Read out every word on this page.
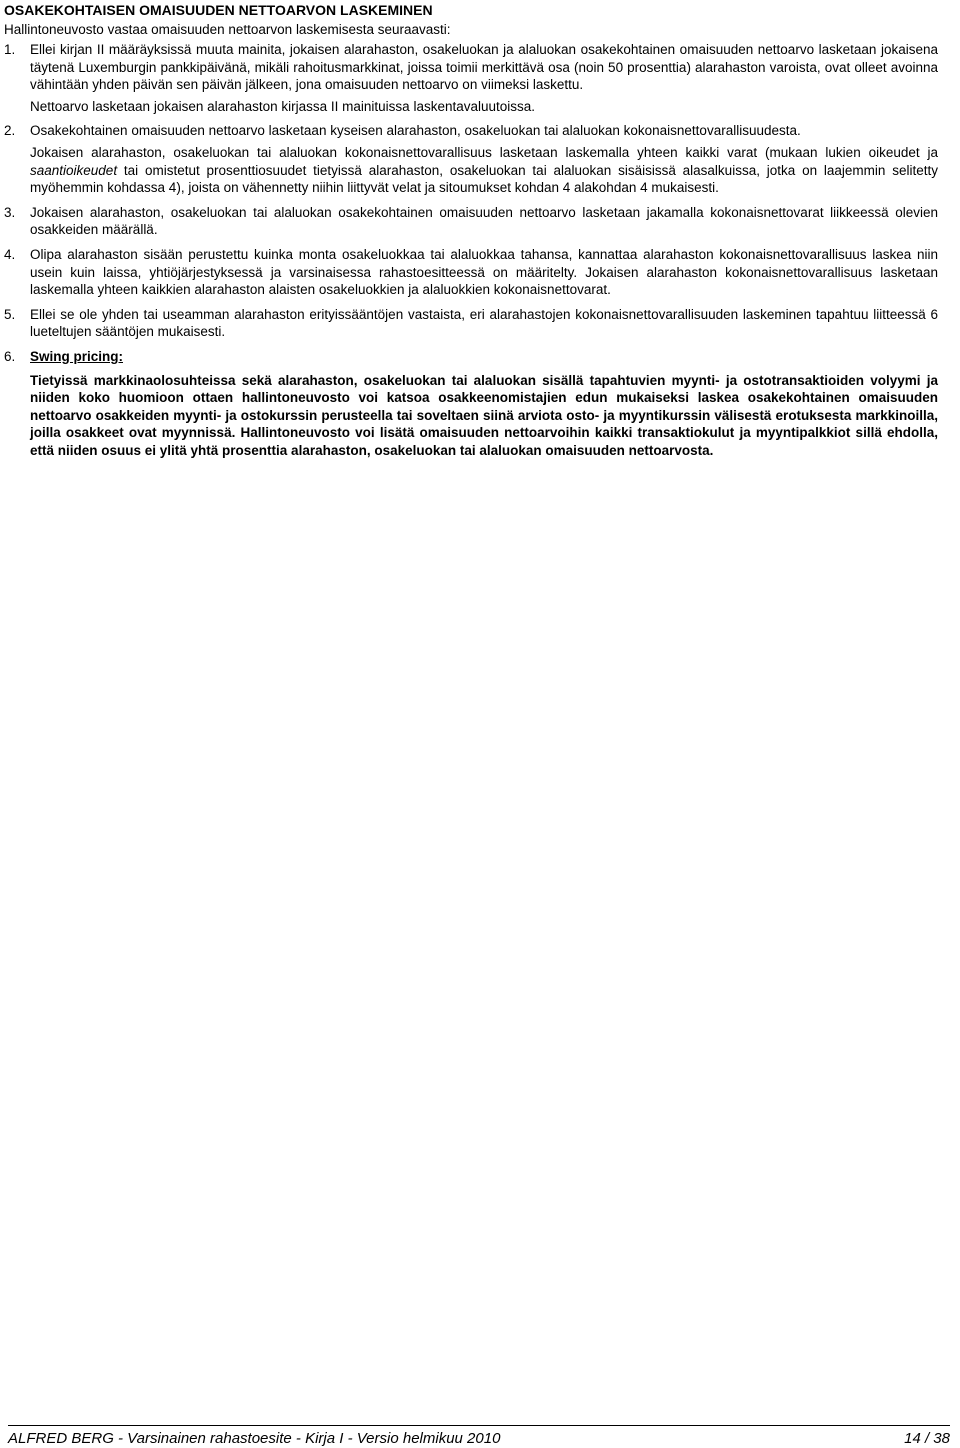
OSAKEKOHTAISEN OMAISUUDEN NETTOARVON LASKEMINEN
Hallintoneuvosto vastaa omaisuuden nettoarvon laskemisesta seuraavasti:
1.	Ellei kirjan II määräyksissä muuta mainita, jokaisen alarahaston, osakeluokan ja alaluokan osakekohtainen omaisuuden nettoarvo lasketaan jokaisena täytenä Luxemburgin pankkipäivänä, mikäli rahoitusmarkkinat, joissa toimii merkittävä osa (noin 50 prosenttia) alarahaston varoista, ovat olleet avoinna vähintään yhden päivän sen päivän jälkeen, jona omaisuuden nettoarvo on viimeksi laskettu.

Nettoarvo lasketaan jokaisen alarahaston kirjassa II mainituissa laskentavaluutoissa.

2.	Osakekohtainen omaisuuden nettoarvo lasketaan kyseisen alarahaston, osakeluokan tai alaluokan kokonaisnettovarallisuudesta.

Jokaisen alarahaston, osakeluokan tai alaluokan kokonaisnettovarallisuus lasketaan laskemalla yhteen kaikki varat (mukaan lukien oikeudet ja saantioikeudet tai omistetut prosenttiosuudet tietyissä alarahaston, osakeluokan tai alaluokan sisäisissä alasalkuissa, jotka on laajemmin selitetty myöhemmin kohdassa 4), joista on vähennetty niihin liittyvät velat ja sitoumukset kohdan 4 alakohdan 4 mukaisesti.

3.	Jokaisen alarahaston, osakeluokan tai alaluokan osakekohtainen omaisuuden nettoarvo lasketaan jakamalla kokonaisnettovarat liikkeessä olevien osakkeiden määrällä.

4.	Olipa alarahaston sisään perustettu kuinka monta osakeluokkaa tai alaluokkaa tahansa, kannattaa alarahaston kokonaisnettovarallisuus laskea niin usein kuin laissa, yhtiöjärjestyksessä ja varsinaisessa rahastoesitteessä on määritelty. Jokaisen alarahaston kokonaisnettovarallisuus lasketaan laskemalla yhteen kaikkien alarahaston alaisten osakeluokkien ja alaluokkien kokonaisnettovarat.

5.	Ellei se ole yhden tai useamman alarahaston erityissääntöjen vastaista, eri alarahastojen kokonaisnettovarallisuuden laskeminen tapahtuu liitteessä 6 lueteltujen sääntöjen mukaisesti.

6.	Swing pricing:

Tietyissä markkinaolosuhteissa sekä alarahaston, osakeluokan tai alaluokan sisällä tapahtuvien myynti- ja ostotransaktioiden volyymi ja niiden koko huomioon ottaen hallintoneuvosto voi katsoa osakkeenomistajien edun mukaiseksi laskea osakekohtainen omaisuuden nettoarvo osakkeiden myynti- ja ostokurssin perusteella tai soveltaen siinä arviota osto- ja myyntikurssin välisestä erotuksesta markkinoilla, joilla osakkeet ovat myynnissä. Hallintoneuvosto voi lisätä omaisuuden nettoarvoihin kaikki transaktiokulut ja myyntipalkkiot sillä ehdolla, että niiden osuus ei ylitä yhtä prosenttia alarahaston, osakeluokan tai alaluokan omaisuuden nettoarvosta.

ALFRED BERG - Varsinainen rahastoesite - Kirja I - Versio helmikuu 2010	14 / 38
